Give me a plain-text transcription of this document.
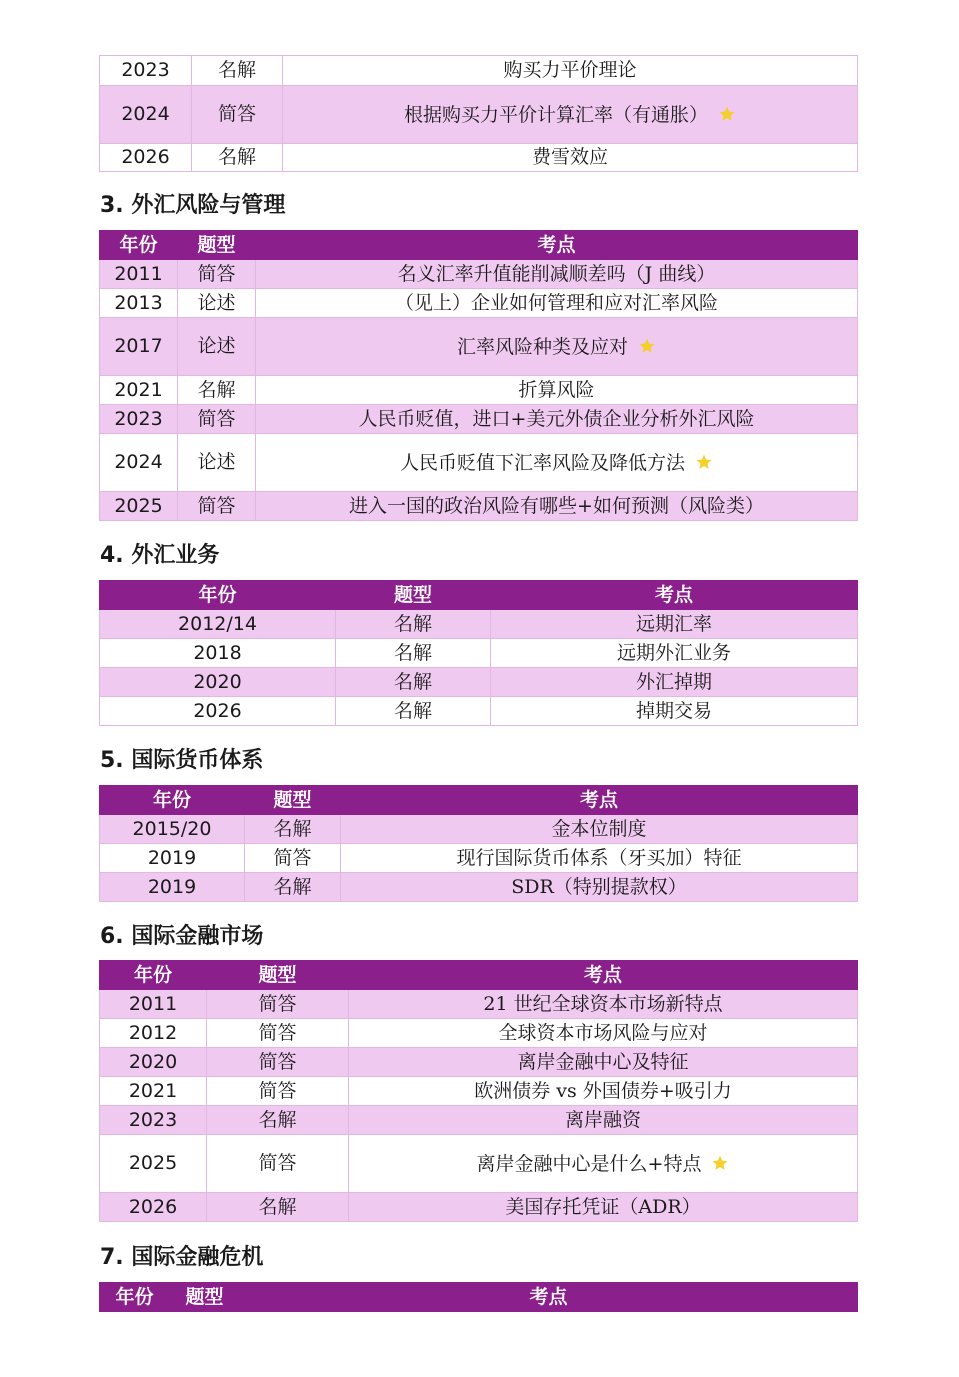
2023	名解	购买力平价理论
2024	简答	根据购买力平价计算汇率（有通胀）

2026	名解	费雪效应
3. 外汇风险与管理
年份	题型	考点
2011	简答	名义汇率升值能削减顺差吗（J 曲线）
2013	论述	（见上）企业如何管理和应对汇率风险
2017	论述	汇率风险种类及应对

2021	名解	折算风险
2023	简答	人民币贬值，进口+美元外债企业分析外汇风险
2024	论述	人民币贬值下汇率风险及降低方法

2025	简答	进入一国的政治风险有哪些+如何预测（风险类）
4. 外汇业务
年份	题型	考点
2012/14	名解	远期汇率
2018	名解	远期外汇业务
2020	名解	外汇掉期
2026	名解	掉期交易
5. 国际货币体系
年份	题型	考点
2015/20	名解	金本位制度
2019	简答	现行国际货币体系（牙买加）特征
2019	名解	SDR（特别提款权）
6. 国际金融市场
年份	题型	考点
2011	简答	21 世纪全球资本市场新特点
2012	简答	全球资本市场风险与应对
2020	简答	离岸金融中心及特征
2021	简答	欧洲债券 vs 外国债券+吸引力
2023	名解	离岸融资
2025	简答	离岸金融中心是什么+特点

2026	名解	美国存托凭证（ADR）
7. 国际金融危机
年份	题型	考点
